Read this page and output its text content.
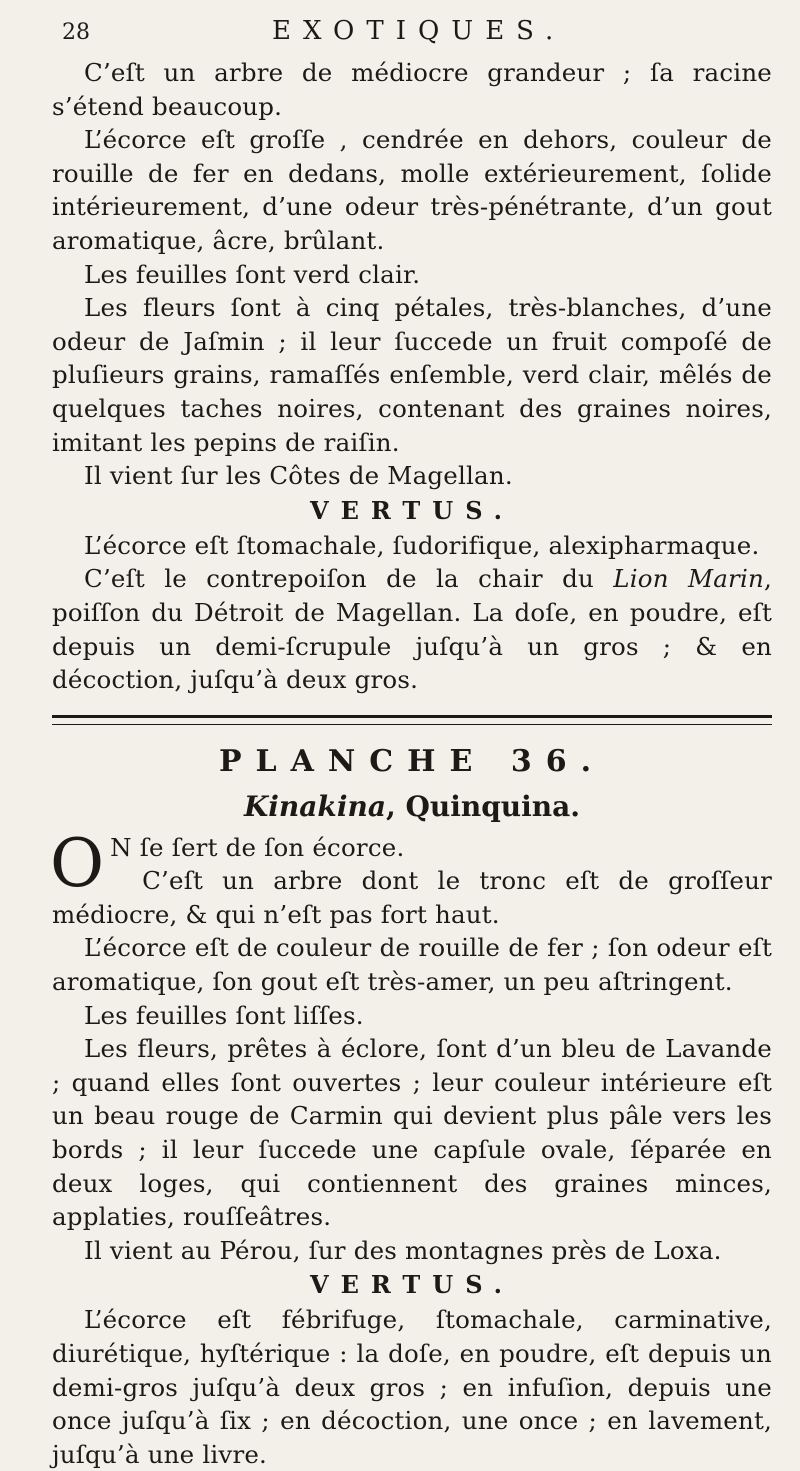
28	EXOTIQUES.

C’eſt un arbre de médiocre grandeur ; ſa racine s’étend beaucoup.

L’écorce eſt groſſe , cendrée en dehors, couleur de rouille de fer en dedans, molle extérieurement, ſolide intérieurement, d’une odeur très-pénétrante, d’un gout aromatique, âcre, brûlant.

Les feuilles ſont verd clair.

Les fleurs ſont à cinq pétales, très-blanches, d’une odeur de Jaſmin ; il leur ſuccede un fruit compoſé de pluſieurs grains, ramaſſés enſemble, verd clair, mêlés de quelques taches noires, contenant des graines noires, imitant les pepins de raiſin.

Il vient ſur les Côtes de Magellan.

VERTUS.

L’écorce eſt ſtomachale, ſudorifique, alexipharmaque.

C’eſt le contrepoiſon de la chair du Lion Marin, poiſſon du Détroit de Magellan. La doſe, en poudre, eſt depuis un demi-ſcrupule juſqu’à un gros ; & en décoction, juſqu’à deux gros.

PLANCHE 36.
Kinakina, Quinquina.
O N ſe ſert de ſon écorce.

C’eſt un arbre dont le tronc eſt de groſſeur médiocre, & qui n’eſt pas fort haut.

L’écorce eſt de couleur de rouille de fer ; ſon odeur eſt aromatique, ſon gout eſt très-amer, un peu aſtringent.

Les feuilles ſont liſſes.

Les fleurs, prêtes à éclore, ſont d’un bleu de Lavande ; quand elles ſont ouvertes ; leur couleur intérieure eſt un beau rouge de Carmin qui devient plus pâle vers les bords ; il leur ſuccede une capſule ovale, ſéparée en deux loges, qui contiennent des graines minces, applaties, rouſſeâtres.

Il vient au Pérou, ſur des montagnes près de Loxa.

VERTUS.

L’écorce eſt fébrifuge, ſtomachale, carminative, diurétique, hyſtérique : la doſe, en poudre, eſt depuis un demi-gros juſqu’à deux gros ; en infuſion, depuis une once juſqu’à ſix ; en décoction, une once ; en lavement, juſqu’à une livre.
